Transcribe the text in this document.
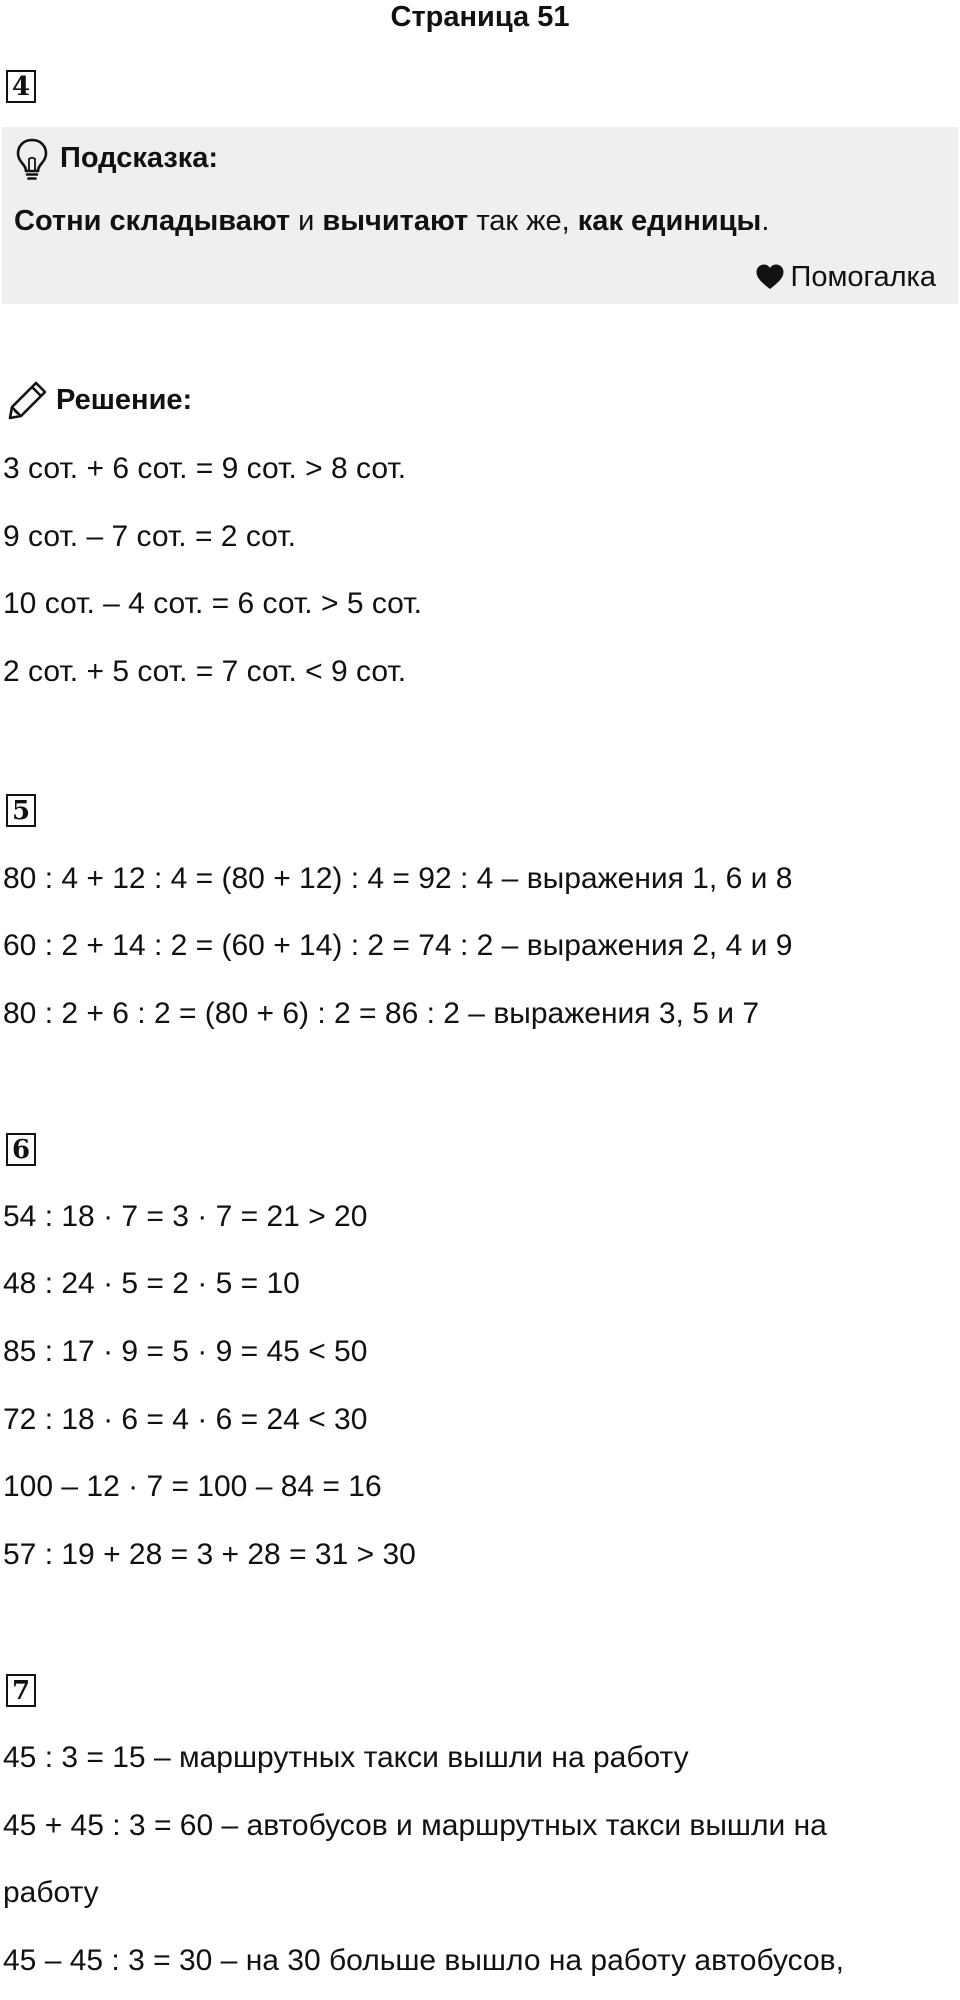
Страница 51
4
Подсказка:
Сотни складывают и вычитают так же, как единицы.
Помогалка
Решение:
3 сот. + 6 сот. = 9 сот. > 8 сот.
9 сот. – 7 сот. = 2 сот.
10 сот. – 4 сот. = 6 сот. > 5 сот.
2 сот. + 5 сот. = 7 сот. < 9 сот.
5
80 : 4 + 12 : 4 = (80 + 12) : 4 = 92 : 4 – выражения 1, 6 и 8
60 : 2 + 14 : 2 = (60 + 14) : 2 = 74 : 2 – выражения 2, 4 и 9
80 : 2 + 6 : 2 = (80 + 6) : 2 = 86 : 2 – выражения 3, 5 и 7
6
54 : 18 · 7 = 3 · 7 = 21 > 20
48 : 24 · 5 = 2 · 5 = 10
85 : 17 · 9 = 5 · 9 = 45 < 50
72 : 18 · 6 = 4 · 6 = 24 < 30
100 – 12 · 7 = 100 – 84 = 16
57 : 19 + 28 = 3 + 28 = 31 > 30
7
45 : 3 = 15 – маршрутных такси вышли на работу
45 + 45 : 3 = 60 – автобусов и маршрутных такси вышли на
работу
45 – 45 : 3 = 30 – на 30 больше вышло на работу автобусов,
